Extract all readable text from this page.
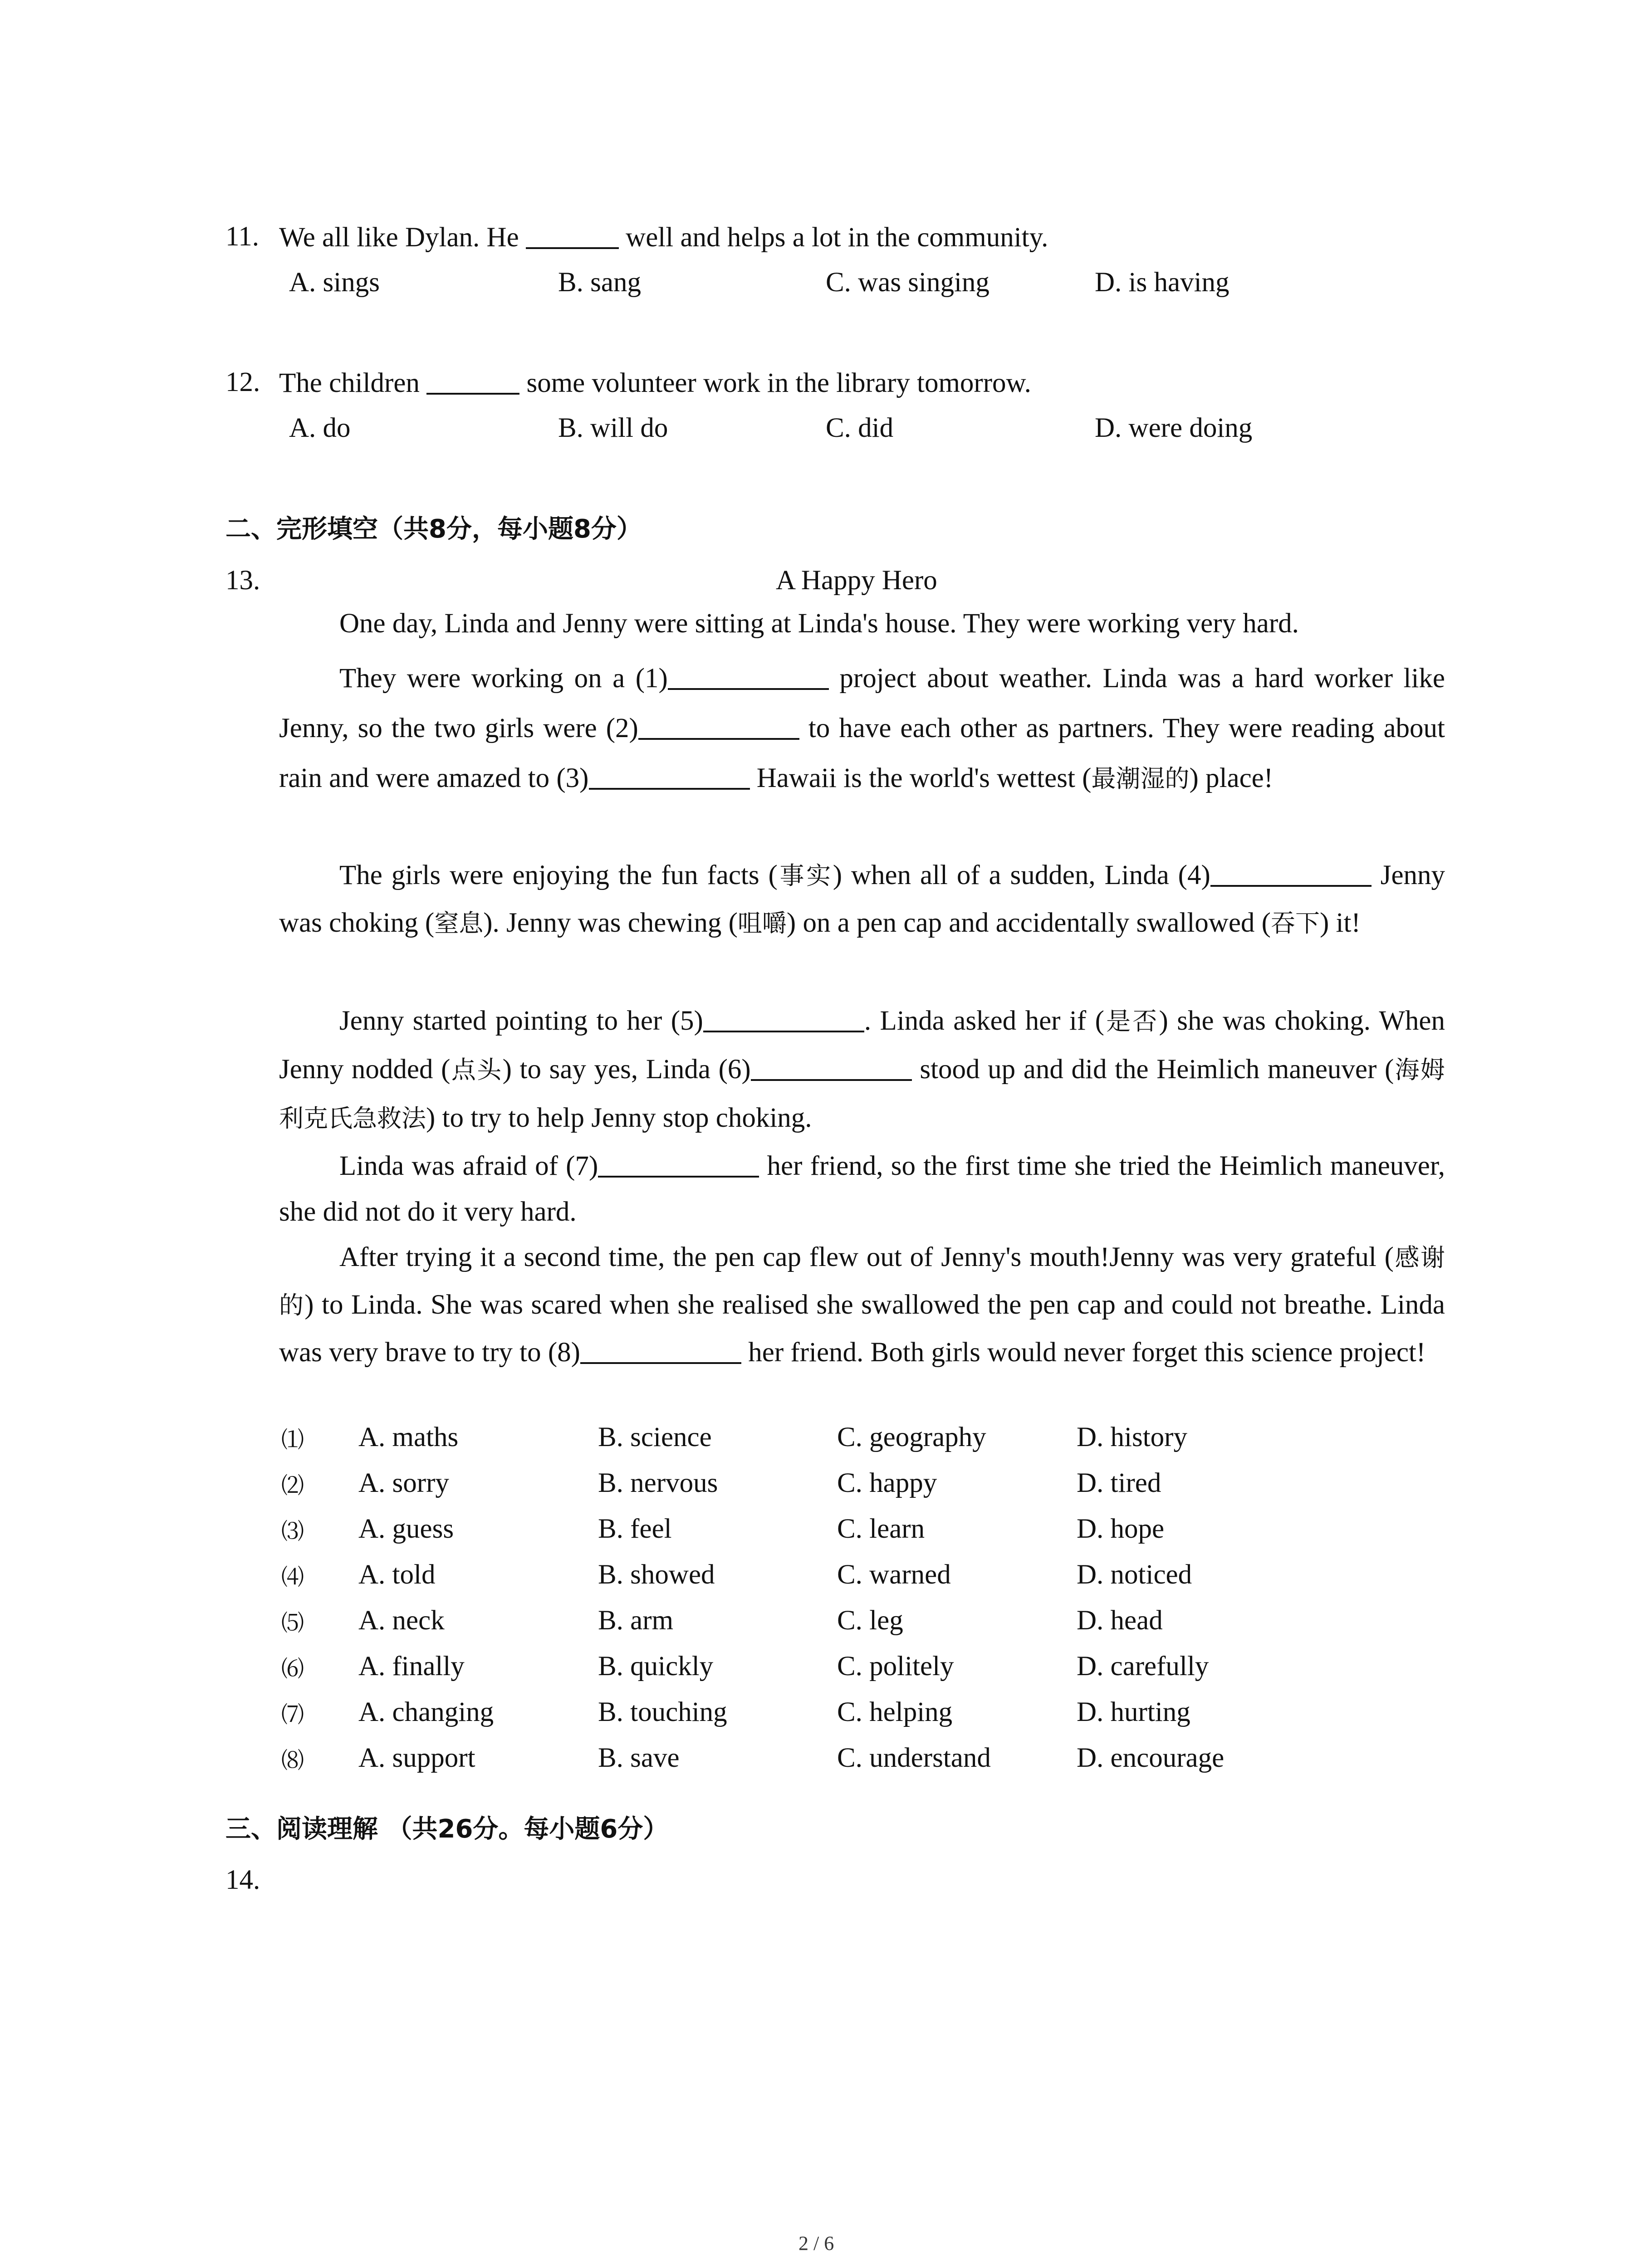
11. We all like Dylan. He	well and helps a lot in the community.
A. sings	B. sang	C. was singing	D. is having
12. The children	some volunteer work in the library tomorrow.
A. do	B. will do	C. did	D. were doing
二、完形填空（共8分，每小题8分）
13.	A Happy Hero
One day, Linda and Jenny were sitting at Linda's house. They were working very hard.
They were working on a (1)	project about weather. Linda was a hard worker like Jenny, so the two girls were (2)	to have each other as partners. They were reading about rain and were amazed to (3)	Hawaii is the world's wettest (最潮湿的) place!
The girls were enjoying the fun facts (事实) when all of a sudden, Linda (4)	Jenny was choking (窒息). Jenny was chewing (咀嚼) on a pen cap and accidentally swallowed (吞下) it!
Jenny started pointing to her (5)	. Linda asked her if (是否) she was choking. When Jenny nodded (点头) to say yes, Linda (6)	stood up and did the Heimlich maneuver (海姆利克氏急救法) to try to help Jenny stop choking.
Linda was afraid of (7)	her friend, so the first time she tried the Heimlich maneuver, she did not do it very hard.
After trying it a second time, the pen cap flew out of Jenny's mouth!Jenny was very grateful (感谢的) to Linda. She was scared when she realised she swallowed the pen cap and could not breathe. Linda was very brave to try to (8)	her friend. Both girls would never forget this science project!
⑴ A. maths	B. science	C. geography	D. history
⑵ A. sorry	B. nervous	C. happy	D. tired
⑶ A. guess	B. feel	C. learn	D. hope
⑷ A. told	B. showed	C. warned	D. noticed
⑸ A. neck	B. arm	C. leg	D. head
⑹ A. finally	B. quickly	C. politely	D. carefully
⑺ A. changing	B. touching	C. helping	D. hurting
⑻ A. support	B. save	C. understand	D. encourage
三、阅读理解 （共26分。每小题6分）
14.
2 / 6
